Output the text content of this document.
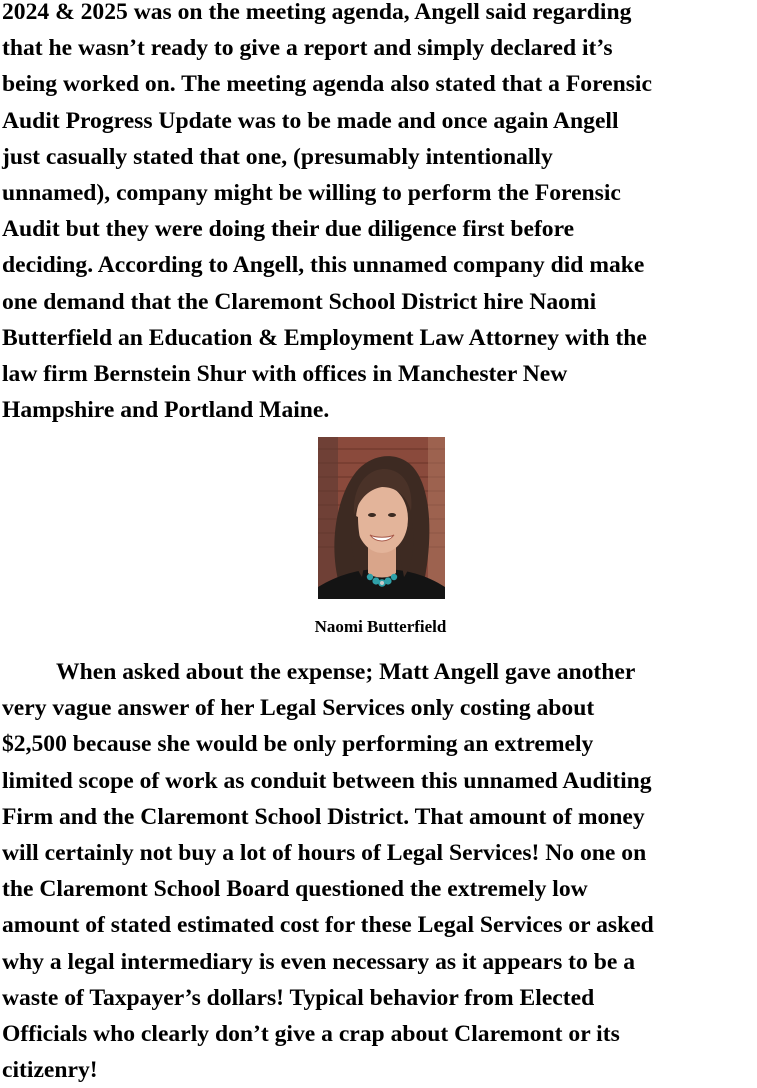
2024 & 2025 was on the meeting agenda, Angell said regarding
that he wasn’t ready to give a report and simply declared it’s
being worked on. The meeting agenda also stated that a Forensic
Audit Progress Update was to be made and once again Angell
just casually stated that one, (presumably intentionally
unnamed), company might be willing to perform the Forensic
Audit but they were doing their due diligence first before
deciding. According to Angell, this unnamed company did make
one demand that the Claremont School District hire Naomi
Butterfield an Education & Employment Law Attorney with the
law firm Bernstein Shur with offices in Manchester New
Hampshire and Portland Maine.

Naomi Butterfield

When asked about the expense; Matt Angell gave another
very vague answer of her Legal Services only costing about
$2,500 because she would be only performing an extremely
limited scope of work as conduit between this unnamed Auditing
Firm and the Claremont School District. That amount of money
will certainly not buy a lot of hours of Legal Services! No one on
the Claremont School Board questioned the extremely low
amount of stated estimated cost for these Legal Services or asked
why a legal intermediary is even necessary as it appears to be a
waste of Taxpayer’s dollars! Typical behavior from Elected
Officials who clearly don’t give a crap about Claremont or its
citizenry!
